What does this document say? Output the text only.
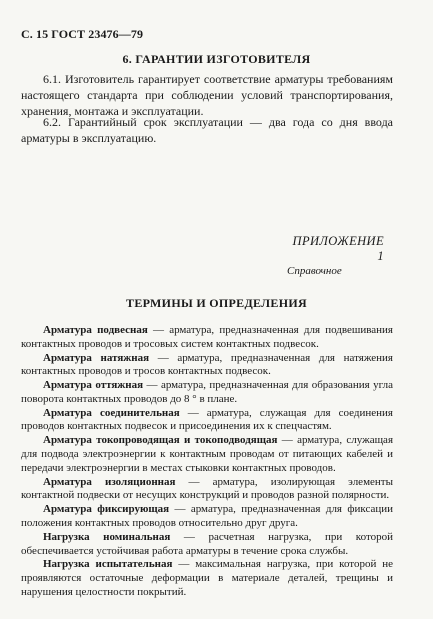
С. 15 ГОСТ 23476—79
6. ГАРАНТИИ ИЗГОТОВИТЕЛЯ
6.1. Изготовитель гарантирует соответствие арматуры требованиям настоящего стандарта при соблюдении условий транспортирования, хранения, монтажа и эксплуатации.
6.2. Гарантийный срок эксплуатации — два года со дня ввода арматуры в эксплуатацию.
ПРИЛОЖЕНИЕ 1
Справочное
ТЕРМИНЫ И ОПРЕДЕЛЕНИЯ

Арматура подвесная — арматура, предназначенная для подвешивания контактных проводов и тросовых систем контактных подвесок.

Арматура натяжная — арматура, предназначенная для натяжения контактных проводов и тросов контактных подвесок.

Арматура оттяжная — арматура, предназначенная для образования угла поворота контактных проводов до 8 ° в плане.

Арматура соединительная — арматура, служащая для соединения проводов контактных подвесок и присоединения их к спецчастям.

Арматура токопроводящая и токоподводящая — арматура, служащая для подвода электроэнергии к контактным проводам от питающих кабелей и передачи электроэнергии в местах стыковки контактных проводов.

Арматура изоляционная — арматура, изолирующая элементы контактной подвески от несущих конструкций и проводов разной полярности.

Арматура фиксирующая — арматура, предназначенная для фиксации положения контактных проводов относительно друг друга.

Нагрузка номинальная — расчетная нагрузка, при которой обеспечивается устойчивая работа арматуры в течение срока службы.

Нагрузка испытательная — максимальная нагрузка, при которой не проявляются остаточные деформации в материале деталей, трещины и нарушения целостности покрытий.
